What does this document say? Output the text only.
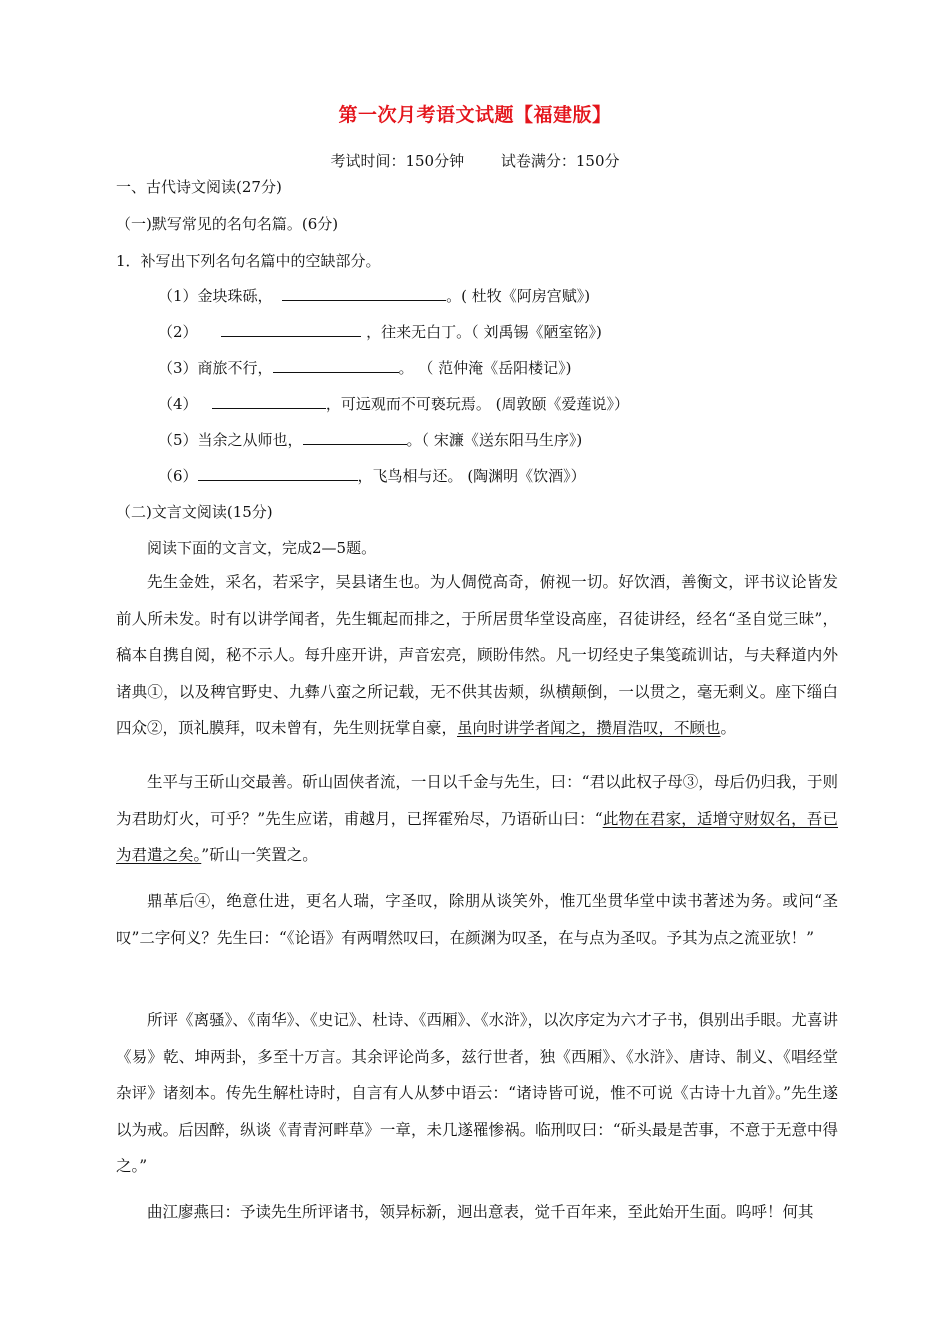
第一次月考语文试题【福建版】
考试时间：150分钟 试卷满分：150分
一、古代诗文阅读(27分)
（一)默写常见的名句名篇。(6分)
1．补写出下列名句名篇中的空缺部分。
（1）金块珠砾，	。( 杜牧《阿房宫赋》)
（2）	，往来无白丁。（ 刘禹锡《陋室铭》)
（3）商旅不行，	。 （ 范仲淹《岳阳楼记》)
（4）	，可远观而不可亵玩焉。 (周敦颐《爱莲说》）
（5）当余之从师也，	。（ 宋濂《送东阳马生序》)
（6）	，飞鸟相与还。 (陶渊明《饮酒》）
（二)文言文阅读(15分)
阅读下面的文言文，完成2—5题。
先生金姓，采名，若采字，吴县诸生也。为人倜傥高奇，俯视一切。好饮酒，善衡文，评书议论皆发前人所未发。时有以讲学闻者，先生辄起而排之，于所居贯华堂设高座，召徒讲经，经名“圣自觉三昧”，稿本自携自阅，秘不示人。每升座开讲，声音宏亮，顾盼伟然。凡一切经史子集笺疏训诂，与夫释道内外诸典①，以及稗官野史、九彝八蛮之所记载，无不供其齿颊，纵横颠倒，一以贯之，毫无剩义。座下缁白四众②，顶礼膜拜，叹未曾有，先生则抚掌自豪，虽向时讲学者闻之，攒眉浩叹，不顾也。
生平与王斫山交最善。斫山固侠者流，一日以千金与先生，曰：“君以此权子母③，母后仍归我，于则为君助灯火，可乎？”先生应诺，甫越月，已挥霍殆尽，乃语斫山曰：“此物在君家，适增守财奴名，吾已为君遣之矣。”斫山一笑置之。
鼎革后④，绝意仕进，更名人瑞，字圣叹，除朋从谈笑外，惟兀坐贯华堂中读书著述为务。或问“圣叹”二字何义？先生曰：“《论语》有两喟然叹曰，在颜渊为叹圣，在与点为圣叹。予其为点之流亚欤！”
所评《离骚》、《南华》、《史记》、杜诗、《西厢》、《水浒》，以次序定为六才子书，俱别出手眼。尤喜讲《易》乾、坤两卦，多至十万言。其余评论尚多，兹行世者，独《西厢》、《水浒》、唐诗、制义、《唱经堂杂评》诸刻本。传先生解杜诗时，自言有人从梦中语云：“诸诗皆可说，惟不可说《古诗十九首》。”先生遂以为戒。后因醉，纵谈《青青河畔草》一章，未几遂罹惨祸。临刑叹曰：“斫头最是苦事，不意于无意中得之。”
曲江廖燕曰：予读先生所评诸书，领异标新，迥出意表，觉千百年来，至此始开生面。呜呼！何其
